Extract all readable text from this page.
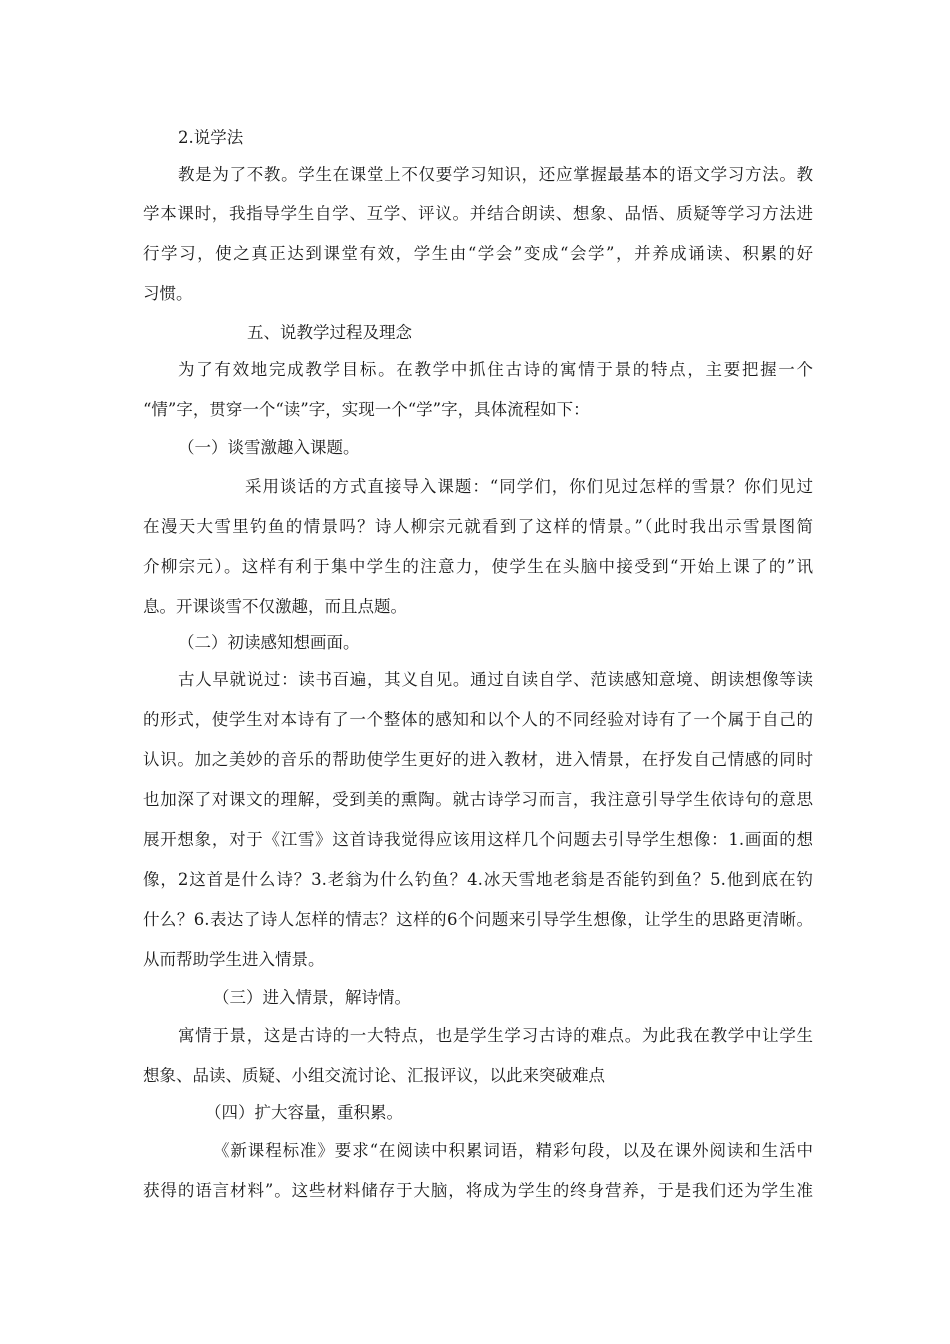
2.说学法
教是为了不教。学生在课堂上不仅要学习知识，还应掌握最基本的语文学习方法。教
学本课时，我指导学生自学、互学、评议。并结合朗读、想象、品悟、质疑等学习方法进
行学习，使之真正达到课堂有效，学生由“学会”变成“会学”，并养成诵读、积累的好
习惯。
五、说教学过程及理念
为了有效地完成教学目标。在教学中抓住古诗的寓情于景的特点，主要把握一个
“情”字，贯穿一个“读”字，实现一个“学”字，具体流程如下：
（一）谈雪激趣入课题。
采用谈话的方式直接导入课题：“同学们，你们见过怎样的雪景？你们见过
在漫天大雪里钓鱼的情景吗？诗人柳宗元就看到了这样的情景。”（此时我出示雪景图简
介柳宗元）。这样有利于集中学生的注意力，使学生在头脑中接受到“开始上课了的”讯
息。开课谈雪不仅激趣，而且点题。
（二）初读感知想画面。
古人早就说过：读书百遍，其义自见。通过自读自学、范读感知意境、朗读想像等读
的形式，使学生对本诗有了一个整体的感知和以个人的不同经验对诗有了一个属于自己的
认识。加之美妙的音乐的帮助使学生更好的进入教材，进入情景，在抒发自己情感的同时
也加深了对课文的理解，受到美的熏陶。就古诗学习而言，我注意引导学生依诗句的意思
展开想象，对于《江雪》这首诗我觉得应该用这样几个问题去引导学生想像：1.画面的想
像，2这首是什么诗？3.老翁为什么钓鱼？4.冰天雪地老翁是否能钓到鱼？5.他到底在钓
什么？6.表达了诗人怎样的情志？这样的6个问题来引导学生想像，让学生的思路更清晰。
从而帮助学生进入情景。
（三）进入情景，解诗情。
寓情于景，这是古诗的一大特点，也是学生学习古诗的难点。为此我在教学中让学生
想象、品读、质疑、小组交流讨论、汇报评议，以此来突破难点
（四）扩大容量，重积累。
《新课程标准》要求“在阅读中积累词语，精彩句段，以及在课外阅读和生活中
获得的语言材料”。这些材料储存于大脑，将成为学生的终身营养，于是我们还为学生准
